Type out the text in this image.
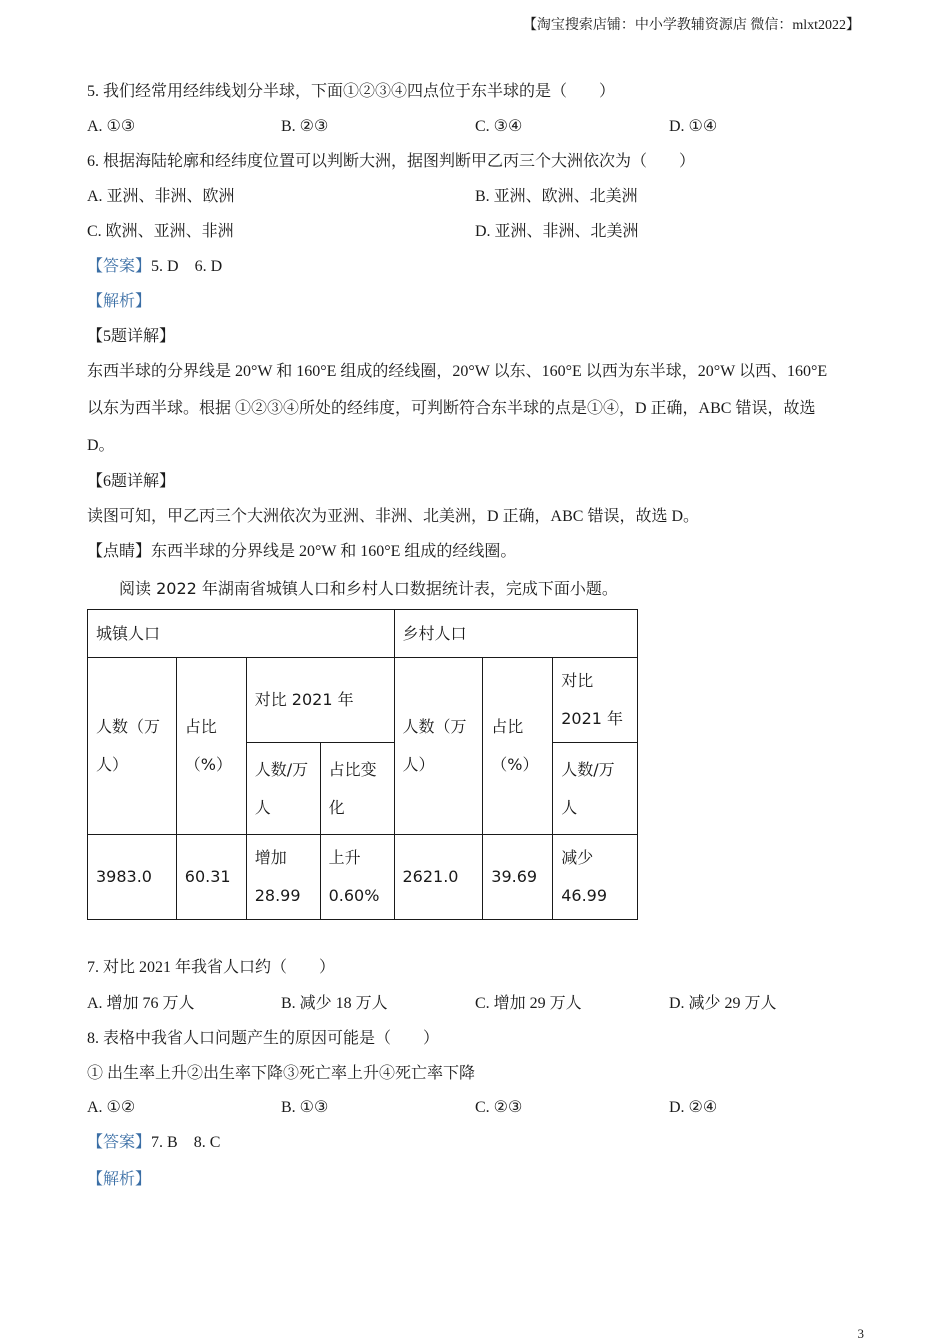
【淘宝搜索店铺：中小学教辅资源店 微信：mlxt2022】
5. 我们经常用经纬线划分半球，下面①②③④四点位于东半球的是（　　）
A. ①③	B. ②③	C. ③④	D. ①④
6. 根据海陆轮廓和经纬度位置可以判断大洲，据图判断甲乙丙三个大洲依次为（　　）
A. 亚洲、非洲、欧洲	B. 亚洲、欧洲、北美洲
C. 欧洲、亚洲、非洲	D. 亚洲、非洲、北美洲
【答案】5. D　6. D
【解析】
【5题详解】
东西半球的分界线是 20°W 和 160°E 组成的经线圈，20°W 以东、160°E 以西为东半球，20°W 以西、160°E
以东为西半球。根据 ①②③④所处的经纬度，可判断符合东半球的点是①④，D 正确，ABC 错误，故选
D。
【6题详解】
读图可知，甲乙丙三个大洲依次为亚洲、非洲、北美洲，D 正确，ABC 错误，故选 D。
【点睛】东西半球的分界线是 20°W 和 160°E 组成的经线圈。
阅读 2022 年湖南省城镇人口和乡村人口数据统计表，完成下面小题。
城镇人口				乡村人口		
人数（万人）	占比（%）	对比 2021 年		人数（万人）	占比（%）	对比 2021 年
		人数/万人	占比变化			人数/万人
3983.0	60.31	增加 28.99	上升 0.60%	2621.0	39.69	减少 46.99
7. 对比 2021 年我省人口约（　　）
A. 增加 76 万人	B. 减少 18 万人	C. 增加 29 万人	D. 减少 29 万人
8. 表格中我省人口问题产生的原因可能是（　　）
① 出生率上升②出生率下降③死亡率上升④死亡率下降
A. ①②	B. ①③	C. ②③	D. ②④
【答案】7. B　8. C
【解析】
3
